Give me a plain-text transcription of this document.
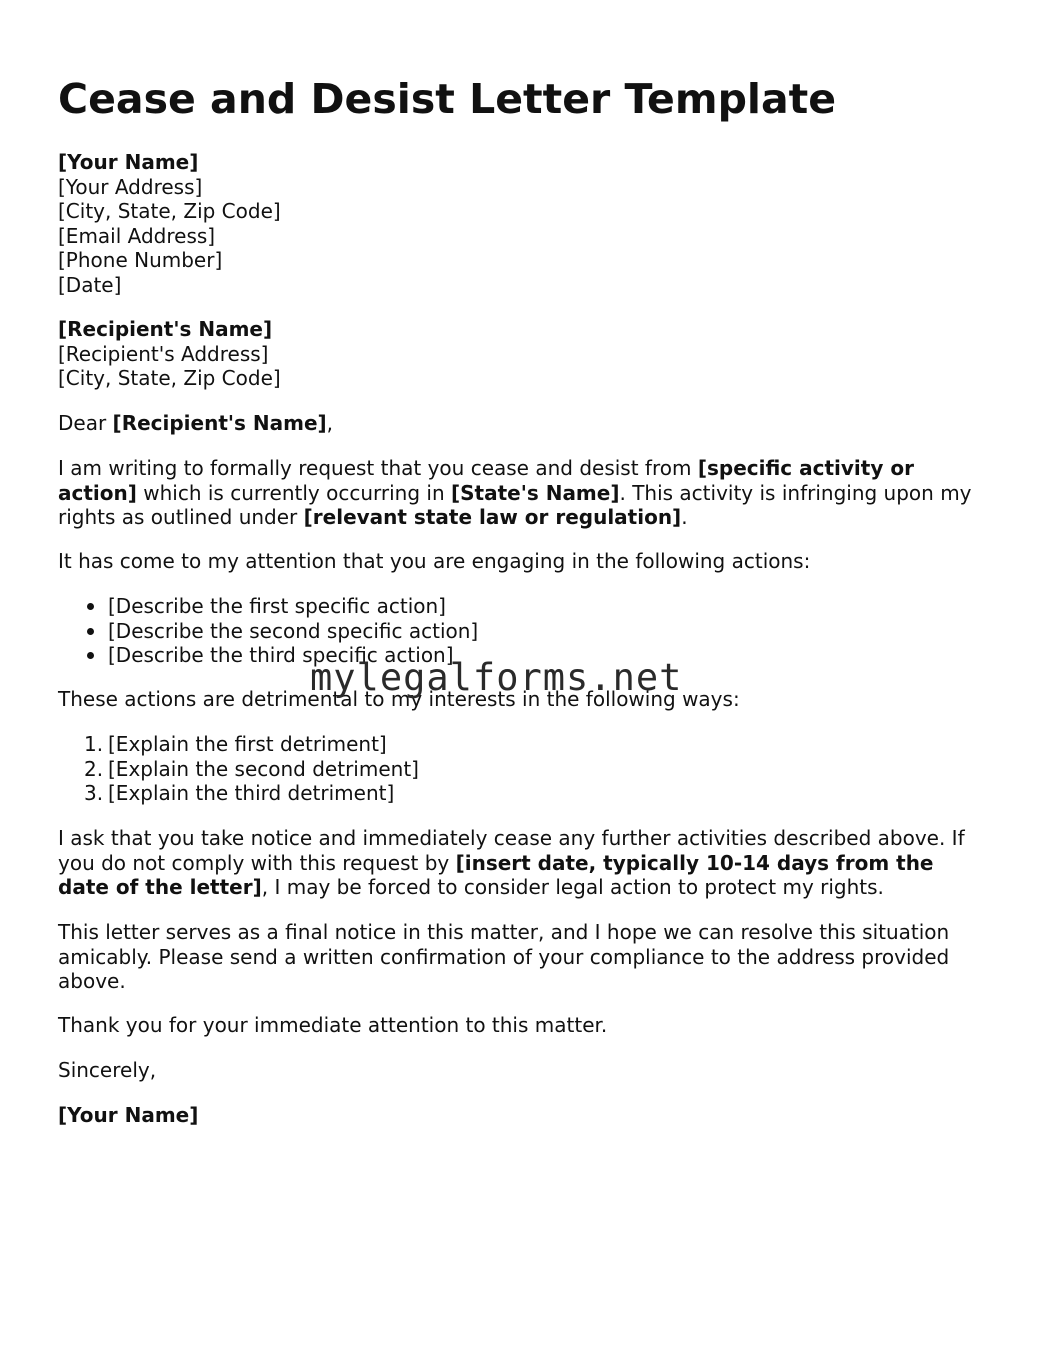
Cease and Desist Letter Template
[Your Name]
[Your Address]
[City, State, Zip Code]
[Email Address]
[Phone Number]
[Date]
[Recipient's Name]
[Recipient's Address]
[City, State, Zip Code]
Dear [Recipient's Name],
I am writing to formally request that you cease and desist from [specific activity or
action] which is currently occurring in [State's Name]. This activity is infringing upon my
rights as outlined under [relevant state law or regulation].
It has come to my attention that you are engaging in the following actions:
[Describe the first specific action]
[Describe the second specific action]
[Describe the third specific action]
These actions are detrimental to my interests in the following ways:
1. [Explain the first detriment]
2. [Explain the second detriment]
3. [Explain the third detriment]
I ask that you take notice and immediately cease any further activities described above. If
you do not comply with this request by [insert date, typically 10-14 days from the
date of the letter], I may be forced to consider legal action to protect my rights.
This letter serves as a final notice in this matter, and I hope we can resolve this situation
amicably. Please send a written confirmation of your compliance to the address provided
above.
Thank you for your immediate attention to this matter.
Sincerely,
[Your Name]
mylegalforms.net
